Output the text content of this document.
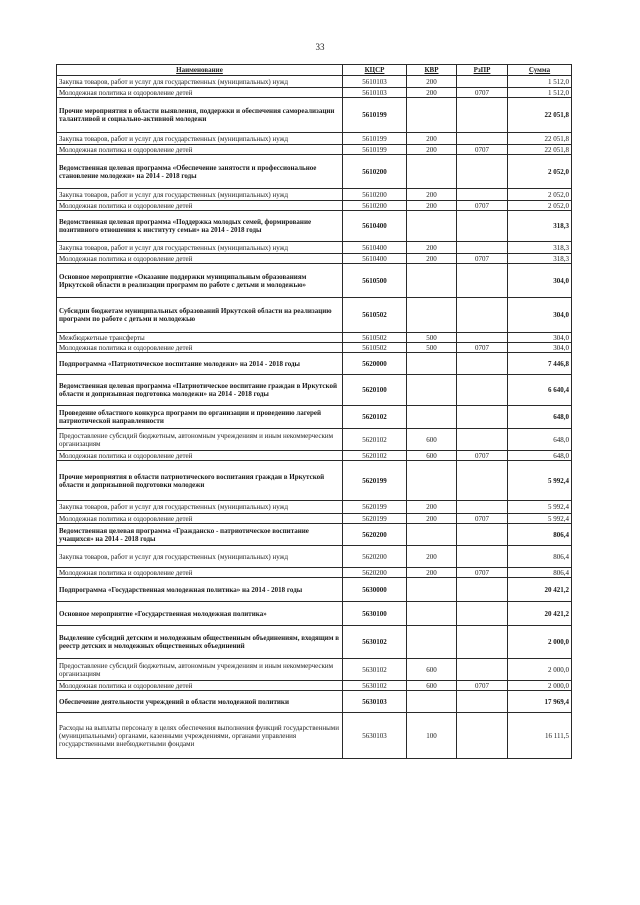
33
Наименование	КЦСР	КВР	РзПР	Сумма
Закупка товаров, работ и услуг для государственных (муниципальных) нужд	5610103	200		1 512,0
Молодежная политика и оздоровление детей	5610103	200	0707	1 512,0
Прочие мероприятия в области выявления, поддержки и обеспечения самореализации талантливой и социально-активной молодежи	5610199			22 051,8
Закупка товаров, работ и услуг для государственных (муниципальных) нужд	5610199	200		22 051,8
Молодежная политика и оздоровление детей	5610199	200	0707	22 051,8
Ведомственная целевая программа «Обеспечение занятости и профессиональное становление молодежи» на 2014 - 2018 годы	5610200			2 052,0
Закупка товаров, работ и услуг для государственных (муниципальных) нужд	5610200	200		2 052,0
Молодежная политика и оздоровление детей	5610200	200	0707	2 052,0
Ведомственная целевая программа «Поддержка молодых семей, формирование позитивного отношения к институту семьи» на 2014 - 2018 годы	5610400			318,3
Закупка товаров, работ и услуг для государственных (муниципальных) нужд	5610400	200		318,3
Молодежная политика и оздоровление детей	5610400	200	0707	318,3
Основное мероприятие «Оказание поддержки муниципальным образованиям Иркутской области в реализации программ по работе с детьми и молодежью»	5610500			304,0
Субсидии бюджетам муниципальных образований Иркутской области на реализацию программ по работе с детьми и молодежью	5610502			304,0
Межбюджетные трансферты	5610502	500		304,0
Молодежная политика и оздоровление детей	5610502	500	0707	304,0
Подпрограмма «Патриотическое воспитание молодежи» на 2014 - 2018 годы	5620000			7 446,8
Ведомственная целевая программа «Патриотическое воспитание граждан в Иркутской области и допризывная подготовка молодежи» на 2014 - 2018 годы	5620100			6 640,4
Проведение областного конкурса программ по организации и проведению лагерей патриотической направленности	5620102			648,0
Предоставление субсидий бюджетным, автономным учреждениям и иным некоммерческим организациям	5620102	600		648,0
Молодежная политика и оздоровление детей	5620102	600	0707	648,0
Прочие мероприятия в области патриотического воспитания граждан в Иркутской области и допризывной подготовки молодежи	5620199			5 992,4
Закупка товаров, работ и услуг для государственных (муниципальных) нужд	5620199	200		5 992,4
Молодежная политика и оздоровление детей	5620199	200	0707	5 992,4
Ведомственная целевая программа «Гражданско - патриотическое воспитание учащихся» на 2014 - 2018 годы	5620200			806,4
Закупка товаров, работ и услуг для государственных (муниципальных) нужд	5620200	200		806,4
Молодежная политика и оздоровление детей	5620200	200	0707	806,4
Подпрограмма «Государственная молодежная политика» на 2014 - 2018 годы	5630000			20 421,2
Основное мероприятие «Государственная молодежная политика»	5630100			20 421,2
Выделение субсидий детским и молодежным общественным объединениям, входящим в реестр детских и молодежных общественных объединений	5630102			2 000,0
Предоставление субсидий бюджетным, автономным учреждениям и иным некоммерческим организациям	5630102	600		2 000,0
Молодежная политика и оздоровление детей	5630102	600	0707	2 000,0
Обеспечение деятельности учреждений в области молодежной политики	5630103			17 969,4
Расходы на выплаты персоналу в целях обеспечения выполнения функций государственными (муниципальными) органами, казенными учреждениями, органами управления государственными внебюджетными фондами	5630103	100		16 111,5
